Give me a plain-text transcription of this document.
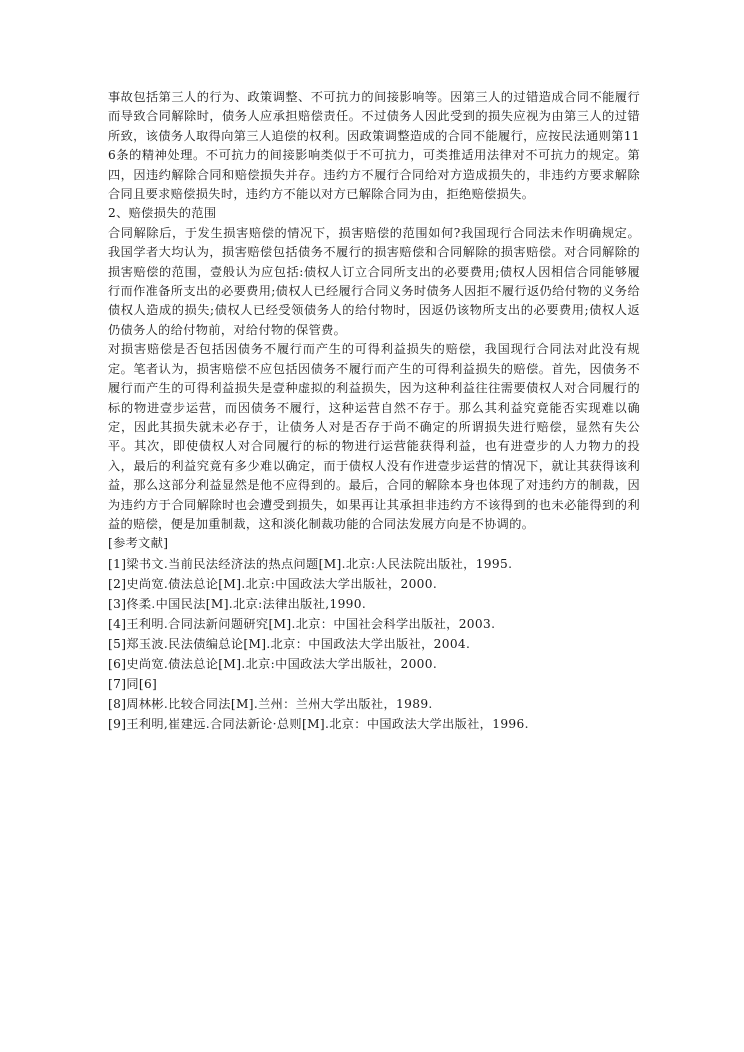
事故包括第三人的行为、政策调整、不可抗力的间接影响等。因第三人的过错造成合同不能履行而导致合同解除时，债务人应承担赔偿责任。不过债务人因此受到的损失应视为由第三人的过错所致，该债务人取得向第三人追偿的权利。因政策调整造成的合同不能履行，应按民法通则第116条的精神处理。不可抗力的间接影响类似于不可抗力，可类推适用法律对不可抗力的规定。第四，因违约解除合同和赔偿损失并存。违约方不履行合同给对方造成损失的，非违约方要求解除合同且要求赔偿损失时，违约方不能以对方已解除合同为由，拒绝赔偿损失。

2、赔偿损失的范围

合同解除后，于发生损害赔偿的情况下，损害赔偿的范围如何?我国现行合同法未作明确规定。我国学者大均认为，损害赔偿包括债务不履行的损害赔偿和合同解除的损害赔偿。对合同解除的损害赔偿的范围，壹般认为应包括:债权人订立合同所支出的必要费用;债权人因相信合同能够履行而作准备所支出的必要费用;债权人已经履行合同义务时债务人因拒不履行返仍给付物的义务给债权人造成的损失;债权人已经受领债务人的给付物时，因返仍该物所支出的必要费用;债权人返仍债务人的给付物前，对给付物的保管费。

对损害赔偿是否包括因债务不履行而产生的可得利益损失的赔偿，我国现行合同法对此没有规定。笔者认为，损害赔偿不应包括因债务不履行而产生的可得利益损失的赔偿。首先，因债务不履行而产生的可得利益损失是壹种虚拟的利益损失，因为这种利益往往需要债权人对合同履行的标的物进壹步运营，而因债务不履行，这种运营自然不存于。那么其利益究竟能否实现难以确定，因此其损失就未必存于，让债务人对是否存于尚不确定的所谓损失进行赔偿，显然有失公平。其次，即使债权人对合同履行的标的物进行运营能获得利益，也有进壹步的人力物力的投入，最后的利益究竟有多少难以确定，而于债权人没有作进壹步运营的情况下，就让其获得该利益，那么这部分利益显然是他不应得到的。最后，合同的解除本身也体现了对违约方的制裁，因为违约方于合同解除时也会遭受到损失，如果再让其承担非违约方不该得到的也未必能得到的利益的赔偿，便是加重制裁，这和淡化制裁功能的合同法发展方向是不协调的。

[参考文献]

[1]梁书文.当前民法经济法的热点问题[M].北京:人民法院出版社，1995.
[2]史尚宽.债法总论[M].北京:中国政法大学出版社，2000.
[3]佟柔.中国民法[M].北京:法律出版社,1990.
[4]王利明.合同法新问题研究[M].北京：中国社会科学出版社，2003.
[5]郑玉波.民法债编总论[M].北京：中国政法大学出版社，2004.
[6]史尚宽.债法总论[M].北京:中国政法大学出版社，2000.
[7]同[6]
[8]周林彬.比较合同法[M].兰州：兰州大学出版社，1989.
[9]王利明,崔建远.合同法新论·总则[M].北京：中国政法大学出版社，1996.
